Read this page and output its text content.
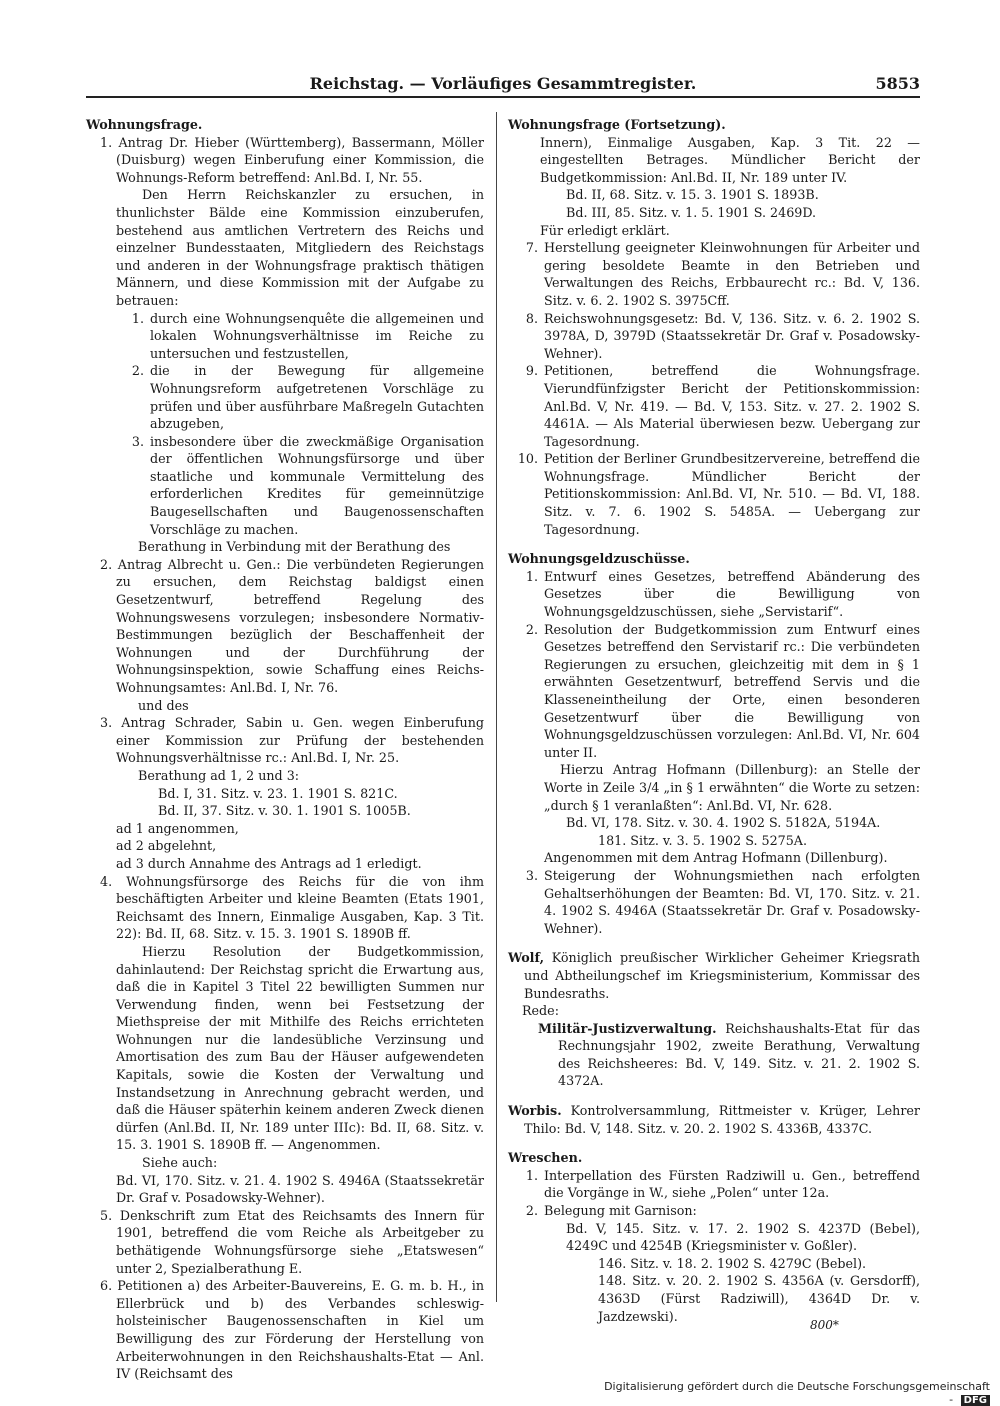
Reichstag. — Vorläufiges Gesammtregister.	5853
Wohnungsfrage.
1. Antrag Dr. Hieber (Württemberg), Bassermann, Möller (Duisburg) wegen Einberufung einer Kommission, die Wohnungs-Reform betreffend: Anl.Bd. I, Nr. 55.
Den Herrn Reichskanzler zu ersuchen, in thunlichster Bälde eine Kommission einzuberufen, bestehend aus amtlichen Vertretern des Reichs und einzelner Bundesstaaten, Mitgliedern des Reichstags und anderen in der Wohnungsfrage praktisch thätigen Männern, und diese Kommission mit der Aufgabe zu betrauen:
1. durch eine Wohnungsenquête die allgemeinen und lokalen Wohnungsverhältnisse im Reiche zu untersuchen und festzustellen,
2. die in der Bewegung für allgemeine Wohnungsreform aufgetretenen Vorschläge zu prüfen und über ausführbare Maßregeln Gutachten abzugeben,
3. insbesondere über die zweckmäßige Organisation der öffentlichen Wohnungsfürsorge und über staatliche und kommunale Vermittelung des erforderlichen Kredites für gemeinnützige Baugesellschaften und Baugenossenschaften Vorschläge zu machen.
Berathung in Verbindung mit der Berathung des
2. Antrag Albrecht u. Gen.: Die verbündeten Regierungen zu ersuchen, dem Reichstag baldigst einen Gesetzentwurf, betreffend Regelung des Wohnungswesens vorzulegen; insbesondere Normativ-Bestimmungen bezüglich der Beschaffenheit der Wohnungen und der Durchführung der Wohnungsinspektion, sowie Schaffung eines Reichs-Wohnungsamtes: Anl.Bd. I, Nr. 76.
und des
3. Antrag Schrader, Sabin u. Gen. wegen Einberufung einer Kommission zur Prüfung der bestehenden Wohnungsverhältnisse rc.: Anl.Bd. I, Nr. 25.
Berathung ad 1, 2 und 3:
Bd. I, 31. Sitz. v. 23. 1. 1901 S. 821C.
Bd. II, 37. Sitz. v. 30. 1. 1901 S. 1005B.
ad 1 angenommen,
ad 2 abgelehnt,
ad 3 durch Annahme des Antrags ad 1 erledigt.
4. Wohnungsfürsorge des Reichs für die von ihm beschäftigten Arbeiter und kleine Beamten (Etats 1901, Reichsamt des Innern, Einmalige Ausgaben, Kap. 3 Tit. 22): Bd. II, 68. Sitz. v. 15. 3. 1901 S. 1890B ff.
Hierzu Resolution der Budgetkommission, dahinlautend: Der Reichstag spricht die Erwartung aus, daß die in Kapitel 3 Titel 22 bewilligten Summen nur Verwendung finden, wenn bei Festsetzung der Miethspreise der mit Mithilfe des Reichs errichteten Wohnungen nur die landesübliche Verzinsung und Amortisation des zum Bau der Häuser aufgewendeten Kapitals, sowie die Kosten der Verwaltung und Instandsetzung in Anrechnung gebracht werden, und daß die Häuser späterhin keinem anderen Zweck dienen dürfen (Anl.Bd. II, Nr. 189 unter IIIc): Bd. II, 68. Sitz. v. 15. 3. 1901 S. 1890B ff. — Angenommen.
Siehe auch:
Bd. VI, 170. Sitz. v. 21. 4. 1902 S. 4946A (Staatssekretär Dr. Graf v. Posadowsky-Wehner).
5. Denkschrift zum Etat des Reichsamts des Innern für 1901, betreffend die vom Reiche als Arbeitgeber zu bethätigende Wohnungsfürsorge siehe „Etatswesen“ unter 2, Spezialberathung E.
6. Petitionen a) des Arbeiter-Bauvereins, E. G. m. b. H., in Ellerbrück und b) des Verbandes schleswig-holsteinischer Baugenossenschaften in Kiel um Bewilligung des zur Förderung der Herstellung von Arbeiterwohnungen in den Reichshaushalts-Etat — Anl. IV (Reichsamt des
Wohnungsfrage (Fortsetzung).
Innern), Einmalige Ausgaben, Kap. 3 Tit. 22 — eingestellten Betrages. Mündlicher Bericht der Budgetkommission: Anl.Bd. II, Nr. 189 unter IV.
Bd. II, 68. Sitz. v. 15. 3. 1901 S. 1893B.
Bd. III, 85. Sitz. v. 1. 5. 1901 S. 2469D.
Für erledigt erklärt.
7. Herstellung geeigneter Kleinwohnungen für Arbeiter und gering besoldete Beamte in den Betrieben und Verwaltungen des Reichs, Erbbaurecht rc.: Bd. V, 136. Sitz. v. 6. 2. 1902 S. 3975Cff.
8. Reichswohnungsgesetz: Bd. V, 136. Sitz. v. 6. 2. 1902 S. 3978A, D, 3979D (Staatssekretär Dr. Graf v. Posadowsky-Wehner).
9. Petitionen, betreffend die Wohnungsfrage. Vierundfünfzigster Bericht der Petitionskommission: Anl.Bd. V, Nr. 419. — Bd. V, 153. Sitz. v. 27. 2. 1902 S. 4461A. — Als Material überwiesen bezw. Uebergang zur Tagesordnung.
10. Petition der Berliner Grundbesitzervereine, betreffend die Wohnungsfrage. Mündlicher Bericht der Petitionskommission: Anl.Bd. VI, Nr. 510. — Bd. VI, 188. Sitz. v. 7. 6. 1902 S. 5485A. — Uebergang zur Tagesordnung.
Wohnungsgeldzuschüsse.
1. Entwurf eines Gesetzes, betreffend Abänderung des Gesetzes über die Bewilligung von Wohnungsgeldzuschüssen, siehe „Servistarif“.
2. Resolution der Budgetkommission zum Entwurf eines Gesetzes betreffend den Servistarif rc.: Die verbündeten Regierungen zu ersuchen, gleichzeitig mit dem in § 1 erwähnten Gesetzentwurf, betreffend Servis und die Klasseneintheilung der Orte, einen besonderen Gesetzentwurf über die Bewilligung von Wohnungsgeldzuschüssen vorzulegen: Anl.Bd. VI, Nr. 604 unter II.
Hierzu Antrag Hofmann (Dillenburg): an Stelle der Worte in Zeile 3/4 „in § 1 erwähnten“ die Worte zu setzen: „durch § 1 veranlaßten“: Anl.Bd. VI, Nr. 628.
Bd. VI, 178. Sitz. v. 30. 4. 1902 S. 5182A, 5194A.
181. Sitz. v. 3. 5. 1902 S. 5275A.
Angenommen mit dem Antrag Hofmann (Dillenburg).
3. Steigerung der Wohnungsmiethen nach erfolgten Gehaltserhöhungen der Beamten: Bd. VI, 170. Sitz. v. 21. 4. 1902 S. 4946A (Staatssekretär Dr. Graf v. Posadowsky-Wehner).
Wolf, Königlich preußischer Wirklicher Geheimer Kriegsrath und Abtheilungschef im Kriegsministerium, Kommissar des Bundesraths.
Rede:
Militär-Justizverwaltung. Reichshaushalts-Etat für das Rechnungsjahr 1902, zweite Berathung, Verwaltung des Reichsheeres: Bd. V, 149. Sitz. v. 21. 2. 1902 S. 4372A.
Worbis. Kontrolversammlung, Rittmeister v. Krüger, Lehrer Thilo: Bd. V, 148. Sitz. v. 20. 2. 1902 S. 4336B, 4337C.
Wreschen.
1. Interpellation des Fürsten Radziwill u. Gen., betreffend die Vorgänge in W., siehe „Polen“ unter 12a.
2. Belegung mit Garnison:
Bd. V, 145. Sitz. v. 17. 2. 1902 S. 4237D (Bebel), 4249C und 4254B (Kriegsminister v. Goßler).
146. Sitz. v. 18. 2. 1902 S. 4279C (Bebel).
148. Sitz. v. 20. 2. 1902 S. 4356A (v. Gersdorff), 4363D (Fürst Radziwill), 4364D Dr. v. Jazdzewski).
800*
Digitalisierung gefördert durch die Deutsche Forschungsgemeinschaft - DFG
